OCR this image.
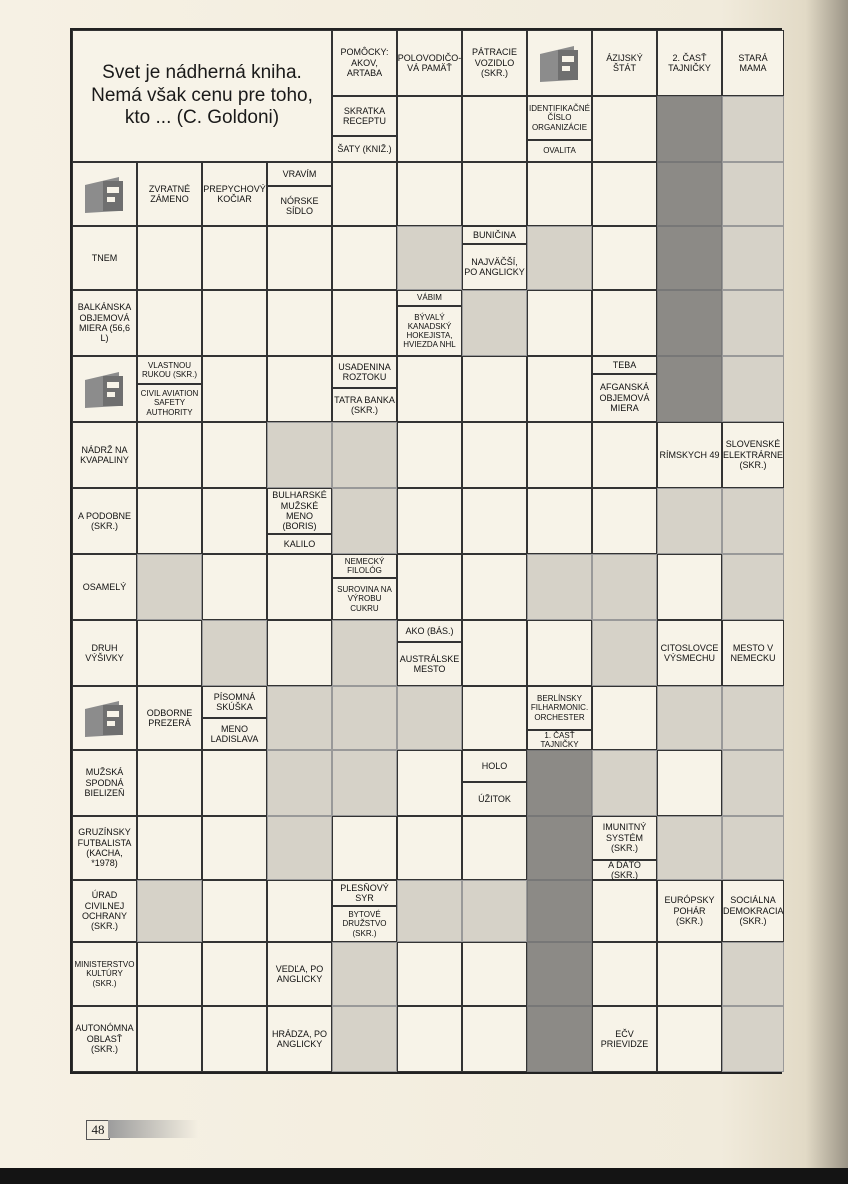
Svet je nádherná kniha. Nemá však cenu pre toho, kto ... (C. Goldoni)
POMÔCKY: AKOV, ARTABA
POLOVODIČO-VÁ PAMÄŤ
PÁTRACIE VOZIDLO (SKR.)
ÁZIJSKÝ ŠTÁT
2. ČASŤ TAJNIČKY
STARÁ MAMA
SKRATKA RECEPTU
ŠATY (KNIŽ.)
IDENTIFIKAČNÉ ČÍSLO ORGANIZÁCIE
OVALITA
ZVRATNÉ ZÁMENO
PREPYCHOVÝ KOČIAR
VRAVÍM
NÓRSKE SÍDLO
TNEM
BUNIČINA
NAJVÄČŠÍ, PO ANGLICKY
BALKÁNSKA OBJEMOVÁ MIERA (56,6 L)
VÁBIM
BÝVALÝ KANADSKÝ HOKEJISTA, HVIEZDA NHL
VLASTNOU RUKOU (SKR.)
CIVIL AVIATION SAFETY AUTHORITY
USADENINA ROZTOKU
TATRA BANKA (SKR.)
TEBA
AFGANSKÁ OBJEMOVÁ MIERA
NÁDRŽ NA KVAPALINY
RÍMSKYCH 49
SLOVENSKÉ ELEKTRÁRNE (SKR.)
A PODOBNE (SKR.)
BULHARSKÉ MUŽSKÉ MENO (BORIS)
KALILO
OSAMELÝ
NEMECKÝ FILOLÓG
SUROVINA NA VÝROBU CUKRU
DRUH VÝŠIVKY
AKO (BÁS.)
AUSTRÁLSKE MESTO
CITOSLOVCE VÝSMECHU
MESTO V NEMECKU
ODBORNE PREZERÁ
PÍSOMNÁ SKÚŠKA
MENO LADISLAVA
BERLÍNSKY FILHARMONIC. ORCHESTER
1. ČASŤ TAJNIČKY
MUŽSKÁ SPODNÁ BIELIZEŇ
HOLO
ÚŽITOK
GRUZÍNSKY FUTBALISTA (KACHA, *1978)
IMUNITNÝ SYSTÉM (SKR.)
A DÁTO (SKR.)
ÚRAD CIVILNEJ OCHRANY (SKR.)
PLESŇOVÝ SYR
BYTOVÉ DRUŽSTVO (SKR.)
EURÓPSKY POHÁR (SKR.)
SOCIÁLNA DEMOKRACIA (SKR.)
MINISTERSTVO KULTÚRY (SKR.)
VEDĽA, PO ANGLICKY
AUTONÓMNA OBLASŤ (SKR.)
HRÁDZA, PO ANGLICKY
EČV PRIEVIDZE
48
